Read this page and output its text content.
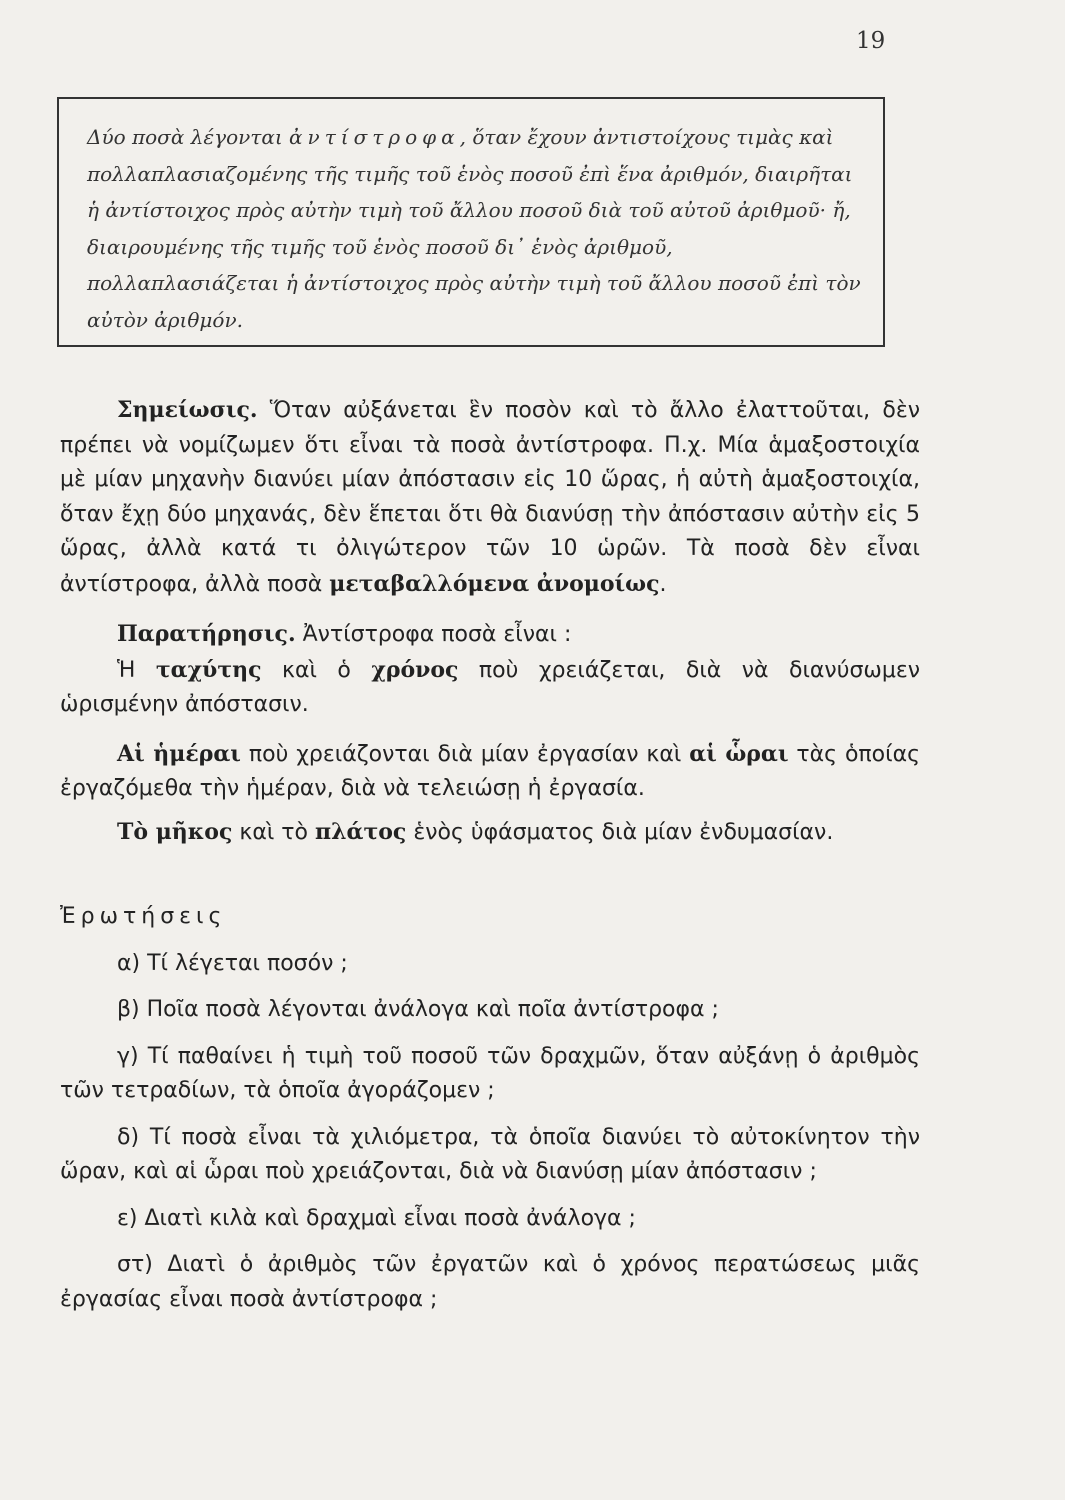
19

Δύο ποσὰ λέγονται ἀντίστροφα, ὅταν ἔχουν ἀντιστοίχους τιμὰς καὶ πολλαπλασιαζομένης τῆς τιμῆς τοῦ ἑνὸς ποσοῦ ἐπὶ ἕνα ἀριθμόν, διαιρῆται ἡ ἀντίστοιχος πρὸς αὐτὴν τιμὴ τοῦ ἄλλου ποσοῦ διὰ τοῦ αὐτοῦ ἀριθμοῦ· ἤ, διαιρουμένης τῆς τιμῆς τοῦ ἑνὸς ποσοῦ δι᾽ ἑνὸς ἀριθμοῦ, πολλαπλασιάζεται ἡ ἀντίστοιχος πρὸς αὐτὴν τιμὴ τοῦ ἄλλου ποσοῦ ἐπὶ τὸν αὐτὸν ἀριθμόν.

Σημείωσις. Ὅταν αὐξάνεται ἓν ποσὸν καὶ τὸ ἄλλο ἐλαττοῦται, δὲν πρέπει νὰ νομίζωμεν ὅτι εἶναι τὰ ποσὰ ἀντίστροφα. Π.χ. Μία ἁμαξοστοιχία μὲ μίαν μηχανὴν διανύει μίαν ἀπόστασιν εἰς 10 ὥρας, ἡ αὐτὴ ἁμαξοστοιχία, ὅταν ἔχῃ δύο μηχανάς, δὲν ἕπεται ὅτι θὰ διανύσῃ τὴν ἀπόστασιν αὐτὴν εἰς 5 ὥρας, ἀλλὰ κατά τι ὀλιγώτερον τῶν 10 ὡρῶν. Τὰ ποσὰ δὲν εἶναι ἀντίστροφα, ἀλλὰ ποσὰ μεταβαλλόμενα ἀνομοίως.

Παρατήρησις. Ἀντίστροφα ποσὰ εἶναι :

Ἡ ταχύτης καὶ ὁ χρόνος ποὺ χρειάζεται, διὰ νὰ διανύσωμεν ὡρισμένην ἀπόστασιν.

Αἱ ἡμέραι ποὺ χρειάζονται διὰ μίαν ἐργασίαν καὶ αἱ ὧραι τὰς ὁποίας ἐργαζόμεθα τὴν ἡμέραν, διὰ νὰ τελειώσῃ ἡ ἐργασία.

Τὸ μῆκος καὶ τὸ πλάτος ἑνὸς ὑφάσματος διὰ μίαν ἐνδυμασίαν.

Ἐρωτήσεις

α) Τί λέγεται ποσόν ;

β) Ποῖα ποσὰ λέγονται ἀνάλογα καὶ ποῖα ἀντίστροφα ;

γ) Τί παθαίνει ἡ τιμὴ τοῦ ποσοῦ τῶν δραχμῶν, ὅταν αὐξάνῃ ὁ ἀριθμὸς τῶν τετραδίων, τὰ ὁποῖα ἀγοράζομεν ;

δ) Τί ποσὰ εἶναι τὰ χιλιόμετρα, τὰ ὁποῖα διανύει τὸ αὐτοκίνητον τὴν ὥραν, καὶ αἱ ὧραι ποὺ χρειάζονται, διὰ νὰ διανύσῃ μίαν ἀπόστασιν ;

ε) Διατὶ κιλὰ καὶ δραχμαὶ εἶναι ποσὰ ἀνάλογα ;

στ) Διατὶ ὁ ἀριθμὸς τῶν ἐργατῶν καὶ ὁ χρόνος περατώσεως μιᾶς ἐργασίας εἶναι ποσὰ ἀντίστροφα ;
